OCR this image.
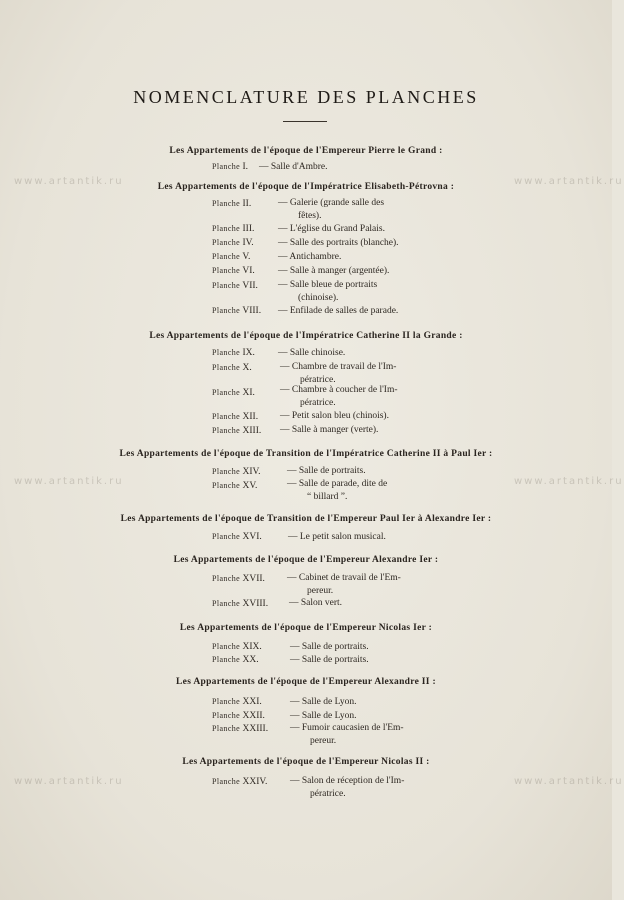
www.artantik.ru	www.artantik.ru
www.artantik.ru	www.artantik.ru
www.artantik.ru	www.artantik.ru
NOMENCLATURE DES PLANCHES
Les Appartements de l'époque de l'Empereur Pierre le Grand :
Planche I. — Salle d'Ambre.
Les Appartements de l'époque de l'Impératrice Elisabeth-Pétrovna :
Planche II.	— Galerie (grande salle des
fêtes).
Planche III. — L'église du Grand Palais.
Planche IV.	— Salle des portraits (blanche).
Planche V.	— Antichambre.
Planche VI. — Salle à manger (argentée).
Planche VII. — Salle bleue de portraits
(chinoise).
Planche VIII. — Enfilade de salles de parade.
Les Appartements de l'époque de l'Impératrice Catherine II la Grande :
Planche IX. — Salle chinoise.
Planche X.	— Chambre de travail de l'Im-
pératrice.
Planche XI.	— Chambre à coucher de l'Im-
pératrice.
Planche XII. — Petit salon bleu (chinois).
Planche XIII. — Salle à manger (verte).
Les Appartements de l'époque de Transition de l'Impératrice Catherine II à Paul Ier :
Planche XIV.	— Salle de portraits.
Planche XV.	— Salle de parade, dite de
“ billard ”.
Les Appartements de l'époque de Transition de l'Empereur Paul Ier à Alexandre Ier :
Planche XVI.	— Le petit salon musical.
Les Appartements de l'époque de l'Empereur Alexandre Ier :
Planche XVII. — Cabinet de travail de l'Em-
pereur.
Planche XVIII. — Salon vert.
Les Appartements de l'époque de l'Empereur Nicolas Ier :
Planche XIX.	— Salle de portraits.
Planche XX.	— Salle de portraits.
Les Appartements de l'époque de l'Empereur Alexandre II :
Planche XXI.	— Salle de Lyon.
Planche XXII.	— Salle de Lyon.
Planche XXIII. — Fumoir caucasien de l'Em-
pereur.
Les Appartements de l'époque de l'Empereur Nicolas II :
Planche XXIV. — Salon de réception de l'Im-
pératrice.
